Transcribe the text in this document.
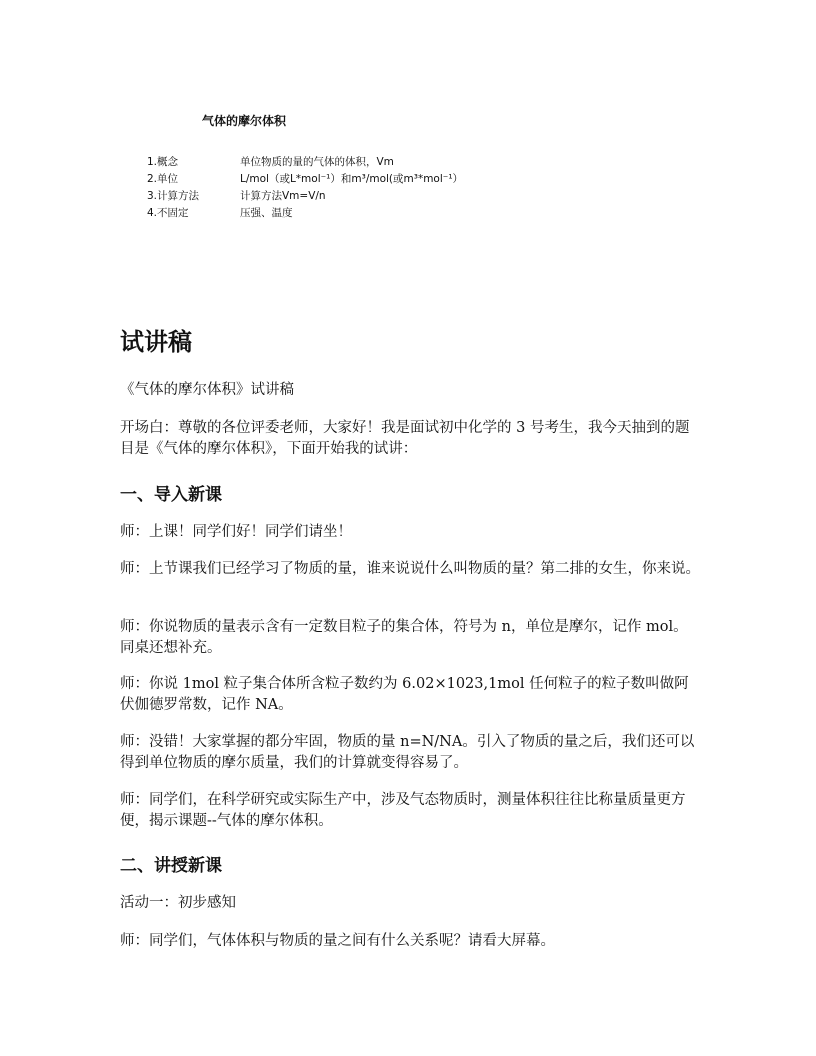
气体的摩尔体积
1.概念	单位物质的量的气体的体积，Vm
2.单位	L/mol（或L*mol⁻¹）和m³/mol(或m³*mol⁻¹）
3.计算方法	计算方法Vm=V/n
4.不固定	压强、温度
试讲稿
《气体的摩尔体积》试讲稿
开场白：尊敬的各位评委老师，大家好！我是面试初中化学的 3 号考生，我今天抽到的题目是《气体的摩尔体积》，下面开始我的试讲：
一、导入新课
师：上课！同学们好！同学们请坐！
师：上节课我们已经学习了物质的量，谁来说说什么叫物质的量？第二排的女生，你来说。
师：你说物质的量表示含有一定数目粒子的集合体，符号为 n，单位是摩尔，记作 mol。同桌还想补充。
师：你说 1mol 粒子集合体所含粒子数约为 6.02×1023,1mol 任何粒子的粒子数叫做阿伏伽德罗常数，记作 NA。
师：没错！大家掌握的都分牢固，物质的量 n=N/NA。引入了物质的量之后，我们还可以得到单位物质的摩尔质量，我们的计算就变得容易了。
师：同学们，在科学研究或实际生产中，涉及气态物质时，测量体积往往比称量质量更方便，揭示课题--气体的摩尔体积。
二、讲授新课
活动一：初步感知
师：同学们，气体体积与物质的量之间有什么关系呢？请看大屏幕。
